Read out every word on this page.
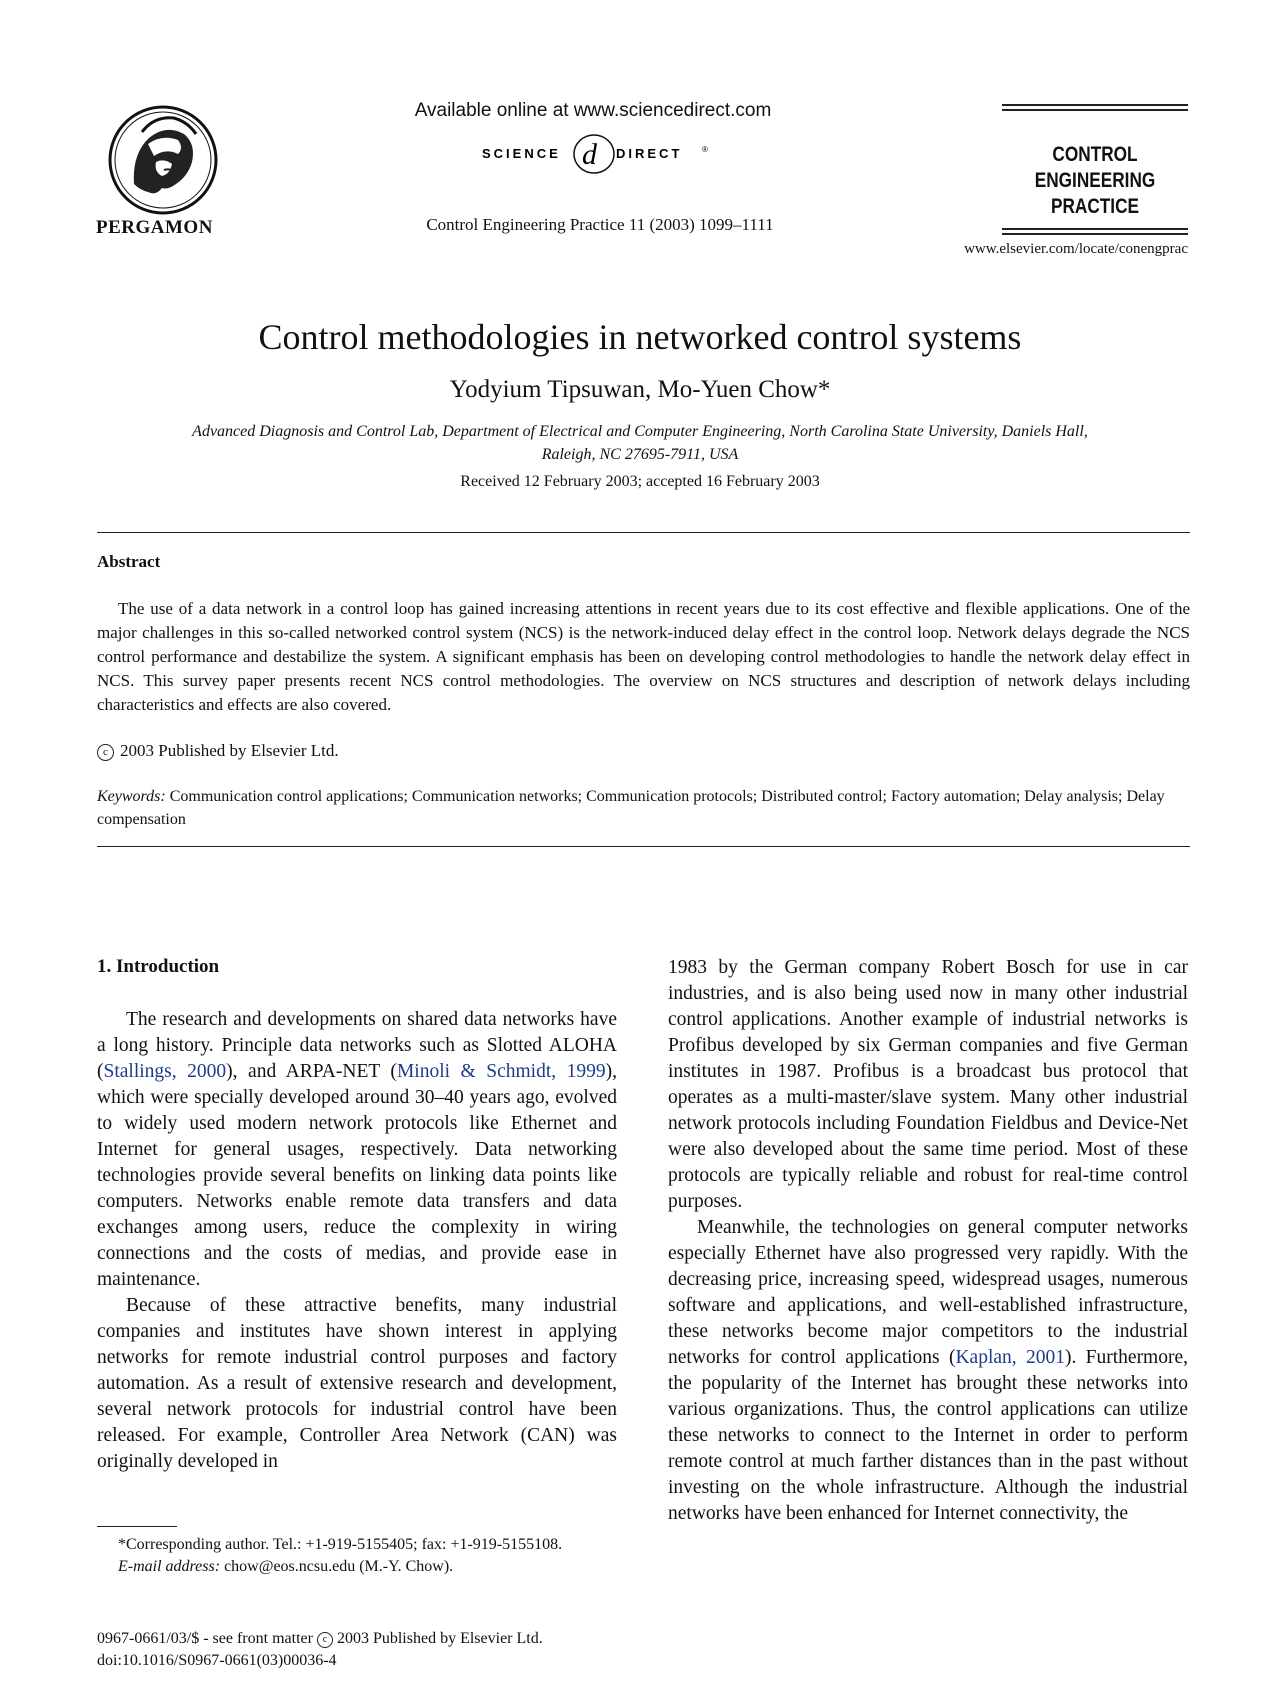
PERGAMON
Available online at www.sciencedirect.com
SCIENCE d DIRECT ®
Control Engineering Practice 11 (2003) 1099–1111
CONTROL ENGINEERING
PRACTICE
www.elsevier.com/locate/conengprac
Control methodologies in networked control systems
Yodyium Tipsuwan, Mo-Yuen Chow*
Advanced Diagnosis and Control Lab, Department of Electrical and Computer Engineering, North Carolina State University, Daniels Hall,
Raleigh, NC 27695-7911, USA
Received 12 February 2003; accepted 16 February 2003
Abstract

The use of a data network in a control loop has gained increasing attentions in recent years due to its cost effective and flexible applications. One of the major challenges in this so-called networked control system (NCS) is the network-induced delay effect in the control loop. Network delays degrade the NCS control performance and destabilize the system. A significant emphasis has been on developing control methodologies to handle the network delay effect in NCS. This survey paper presents recent NCS control methodologies. The overview on NCS structures and description of network delays including characteristics and effects are also covered.

c 2003 Published by Elsevier Ltd.

Keywords: Communication control applications; Communication networks; Communication protocols; Distributed control; Factory automation; Delay analysis; Delay compensation

1. Introduction

The research and developments on shared data networks have a long history. Principle data networks such as Slotted ALOHA (Stallings, 2000), and ARPA-NET (Minoli & Schmidt, 1999), which were specially developed around 30–40 years ago, evolved to widely used modern network protocols like Ethernet and Internet for general usages, respectively. Data networking technologies provide several benefits on linking data points like computers. Networks enable remote data transfers and data exchanges among users, reduce the complexity in wiring connections and the costs of medias, and provide ease in maintenance.

Because of these attractive benefits, many industrial companies and institutes have shown interest in applying networks for remote industrial control purposes and factory automation. As a result of extensive research and development, several network protocols for industrial control have been released. For example, Controller Area Network (CAN) was originally developed in

1983 by the German company Robert Bosch for use in car industries, and is also being used now in many other industrial control applications. Another example of industrial networks is Profibus developed by six German companies and five German institutes in 1987. Profibus is a broadcast bus protocol that operates as a multi-master/slave system. Many other industrial network protocols including Foundation Fieldbus and Device-Net were also developed about the same time period. Most of these protocols are typically reliable and robust for real-time control purposes.

Meanwhile, the technologies on general computer networks especially Ethernet have also progressed very rapidly. With the decreasing price, increasing speed, widespread usages, numerous software and applications, and well-established infrastructure, these networks become major competitors to the industrial networks for control applications (Kaplan, 2001). Furthermore, the popularity of the Internet has brought these networks into various organizations. Thus, the control applications can utilize these networks to connect to the Internet in order to perform remote control at much farther distances than in the past without investing on the whole infrastructure. Although the industrial networks have been enhanced for Internet connectivity, the

*Corresponding author. Tel.: +1-919-5155405; fax: +1-919-5155108.

E-mail address: chow@eos.ncsu.edu (M.-Y. Chow).

0967-0661/03/$ - see front matter c 2003 Published by Elsevier Ltd.
doi:10.1016/S0967-0661(03)00036-4
